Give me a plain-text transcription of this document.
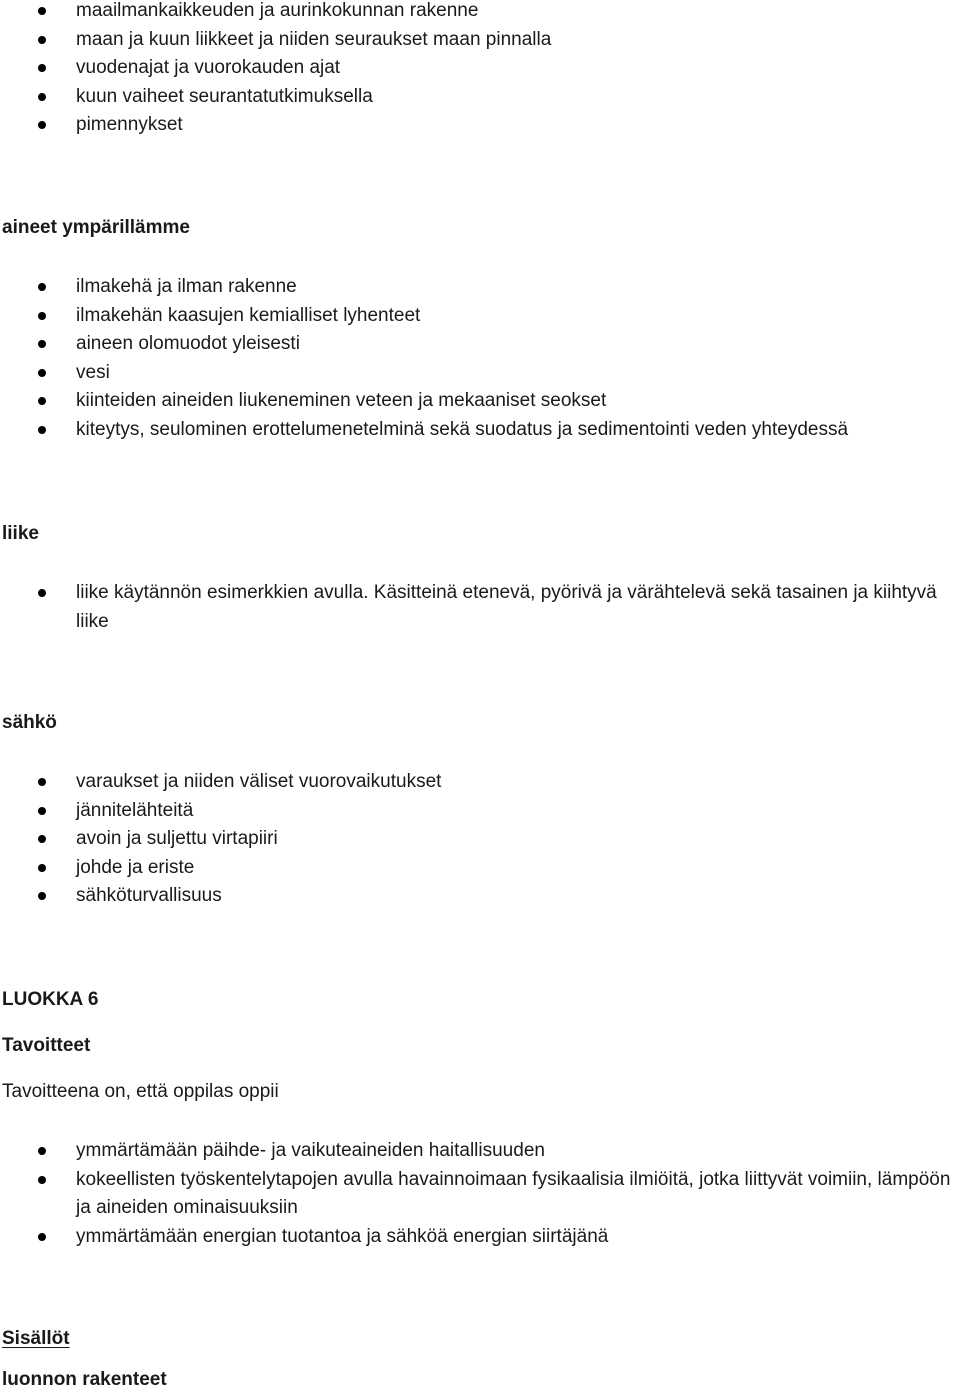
maailmankaikkeuden ja aurinkokunnan rakenne
maan ja kuun liikkeet ja niiden seuraukset maan pinnalla
vuodenajat ja vuorokauden ajat
kuun vaiheet seurantatutkimuksella
pimennykset
aineet ympärillämme
ilmakehä ja ilman rakenne
ilmakehän kaasujen kemialliset lyhenteet
aineen olomuodot yleisesti
vesi
kiinteiden aineiden liukeneminen veteen ja mekaaniset seokset
kiteytys, seulominen erottelumenetelminä sekä suodatus ja sedimentointi veden yhteydessä
liike
liike käytännön esimerkkien avulla. Käsitteinä etenevä, pyörivä ja värähtelevä sekä tasainen ja kiihtyvä liike
sähkö
varaukset ja niiden väliset vuorovaikutukset
jännitelähteitä
avoin ja suljettu virtapiiri
johde ja eriste
sähköturvallisuus
LUOKKA 6
Tavoitteet
Tavoitteena on, että oppilas oppii
ymmärtämään päihde- ja vaikuteaineiden haitallisuuden
kokeellisten työskentelytapojen avulla havainnoimaan fysikaalisia ilmiöitä, jotka liittyvät voimiin, lämpöön ja aineiden ominaisuuksiin
ymmärtämään energian tuotantoa ja sähköä energian siirtäjänä
Sisällöt
luonnon rakenteet
